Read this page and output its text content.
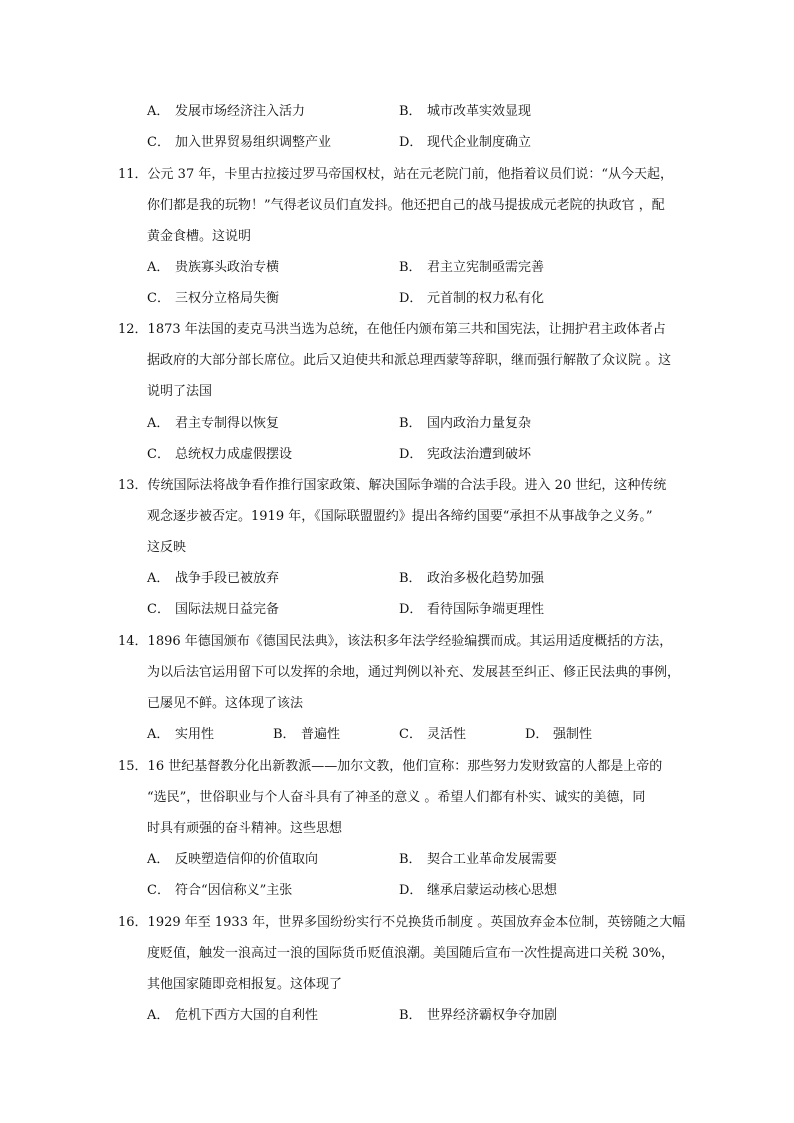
A． 发展市场经济注入活力	B． 城市改革实效显现
C． 加入世界贸易组织调整产业	D． 现代企业制度确立
11．公元 37 年，卡里古拉接过罗马帝国权杖，站在元老院门前，他指着议员们说：“从今天起，
你们都是我的玩物！”气得老议员们直发抖。他还把自己的战马提拔成元老院的执政官 ，配
黄金食槽。这说明
A． 贵族寡头政治专横	B． 君主立宪制亟需完善
C． 三权分立格局失衡	D． 元首制的权力私有化
12．1873 年法国的麦克马洪当选为总统，在他任内颁布第三共和国宪法，让拥护君主政体者占
据政府的大部分部长席位。此后又迫使共和派总理西蒙等辞职，继而强行解散了众议院 。这
说明了法国
A． 君主专制得以恢复	B． 国内政治力量复杂
C． 总统权力成虚假摆设	D． 宪政法治遭到破坏
13．传统国际法将战争看作推行国家政策、解决国际争端的合法手段。进入 20 世纪，这种传统
观念逐步被否定。1919 年，《国际联盟盟约》提出各缔约国要“承担不从事战争之义务。”
这反映
A． 战争手段已被放弃	B． 政治多极化趋势加强
C． 国际法规日益完备	D． 看待国际争端更理性
14．1896 年德国颁布《德国民法典》，该法积多年法学经验编撰而成。其运用适度概括的方法，
为以后法官运用留下可以发挥的余地，通过判例以补充、发展甚至纠正、修正民法典的事例，
已屡见不鲜。这体现了该法
A． 实用性	B． 普遍性	C． 灵活性	D． 强制性
15．16 世纪基督教分化出新教派——加尔文教，他们宣称：那些努力发财致富的人都是上帝的
“选民”，世俗职业与个人奋斗具有了神圣的意义 。希望人们都有朴实、诚实的美德，同
时具有顽强的奋斗精神。这些思想
A． 反映塑造信仰的价值取向	B． 契合工业革命发展需要
C． 符合“因信称义”主张	D． 继承启蒙运动核心思想
16．1929 年至 1933 年，世界多国纷纷实行不兑换货币制度 。英国放弃金本位制，英镑随之大幅
度贬值，触发一浪高过一浪的国际货币贬值浪潮。美国随后宣布一次性提高进口关税 30%，
其他国家随即竞相报复。这体现了
A． 危机下西方大国的自利性	B． 世界经济霸权争夺加剧
